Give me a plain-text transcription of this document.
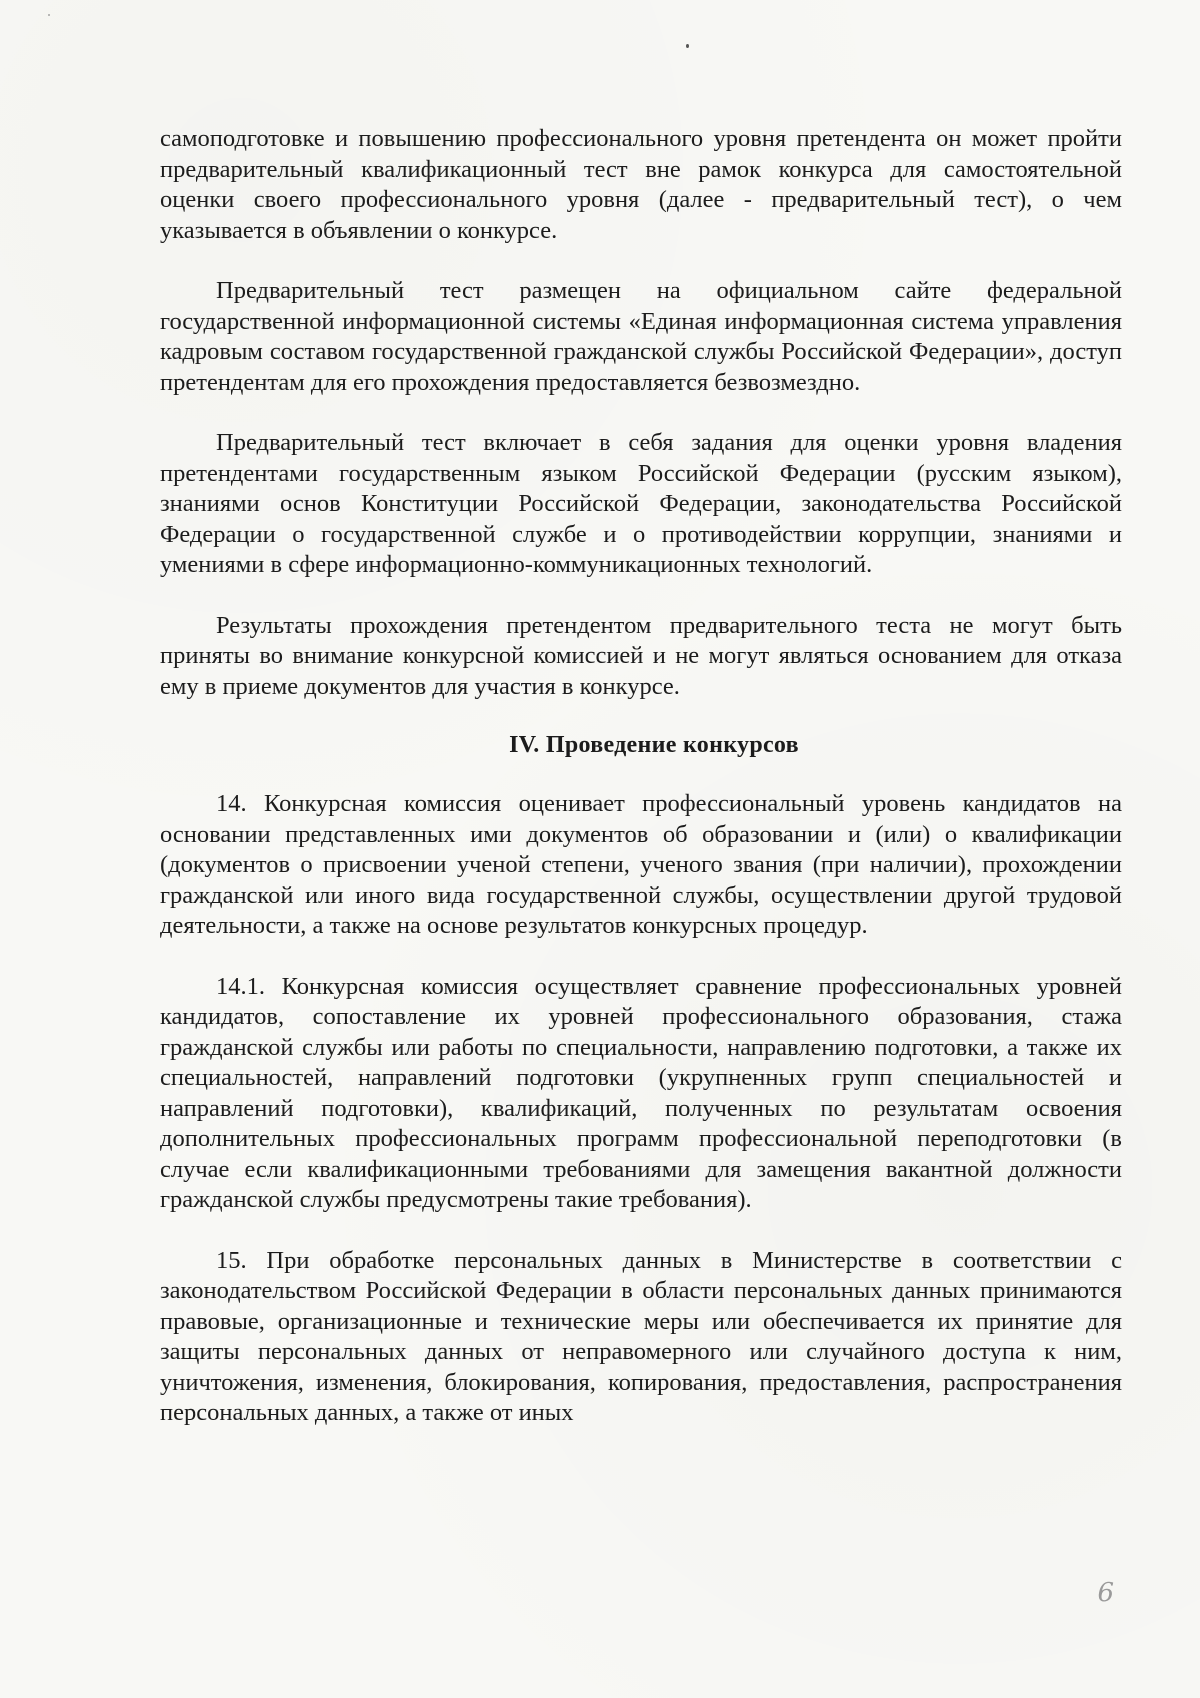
самоподготовке и повышению профессионального уровня претендента он может пройти предварительный квалификационный тест вне рамок конкурса для самостоятельной оценки своего профессионального уровня (далее - предварительный тест), о чем указывается в объявлении о конкурсе.

Предварительный тест размещен на официальном сайте федеральной государственной информационной системы «Единая информационная система управления кадровым составом государственной гражданской службы Российской Федерации», доступ претендентам для его прохождения предоставляется безвозмездно.

Предварительный тест включает в себя задания для оценки уровня владения претендентами государственным языком Российской Федерации (русским языком), знаниями основ Конституции Российской Федерации, законодательства Российской Федерации о государственной службе и о противодействии коррупции, знаниями и умениями в сфере информационно-коммуникационных технологий.

Результаты прохождения претендентом предварительного теста не могут быть приняты во внимание конкурсной комиссией и не могут являться основанием для отказа ему в приеме документов для участия в конкурсе.

IV. Проведение конкурсов

14. Конкурсная комиссия оценивает профессиональный уровень кандидатов на основании представленных ими документов об образовании и (или) о квалификации (документов о присвоении ученой степени, ученого звания (при наличии), прохождении гражданской или иного вида государственной службы, осуществлении другой трудовой деятельности, а также на основе результатов конкурсных процедур.

14.1. Конкурсная комиссия осуществляет сравнение профессиональных уровней кандидатов, сопоставление их уровней профессионального образования, стажа гражданской службы или работы по специальности, направлению подготовки, а также их специальностей, направлений подготовки (укрупненных групп специальностей и направлений подготовки), квалификаций, полученных по результатам освоения дополнительных профессиональных программ профессиональной переподготовки (в случае если квалификационными требованиями для замещения вакантной должности гражданской службы предусмотрены такие требования).

15. При обработке персональных данных в Министерстве в соответствии с законодательством Российской Федерации в области персональных данных принимаются правовые, организационные и технические меры или обеспечивается их принятие для защиты персональных данных от неправомерного или случайного доступа к ним, уничтожения, изменения, блокирования, копирования, предоставления, распространения персональных данных, а также от иных

6
